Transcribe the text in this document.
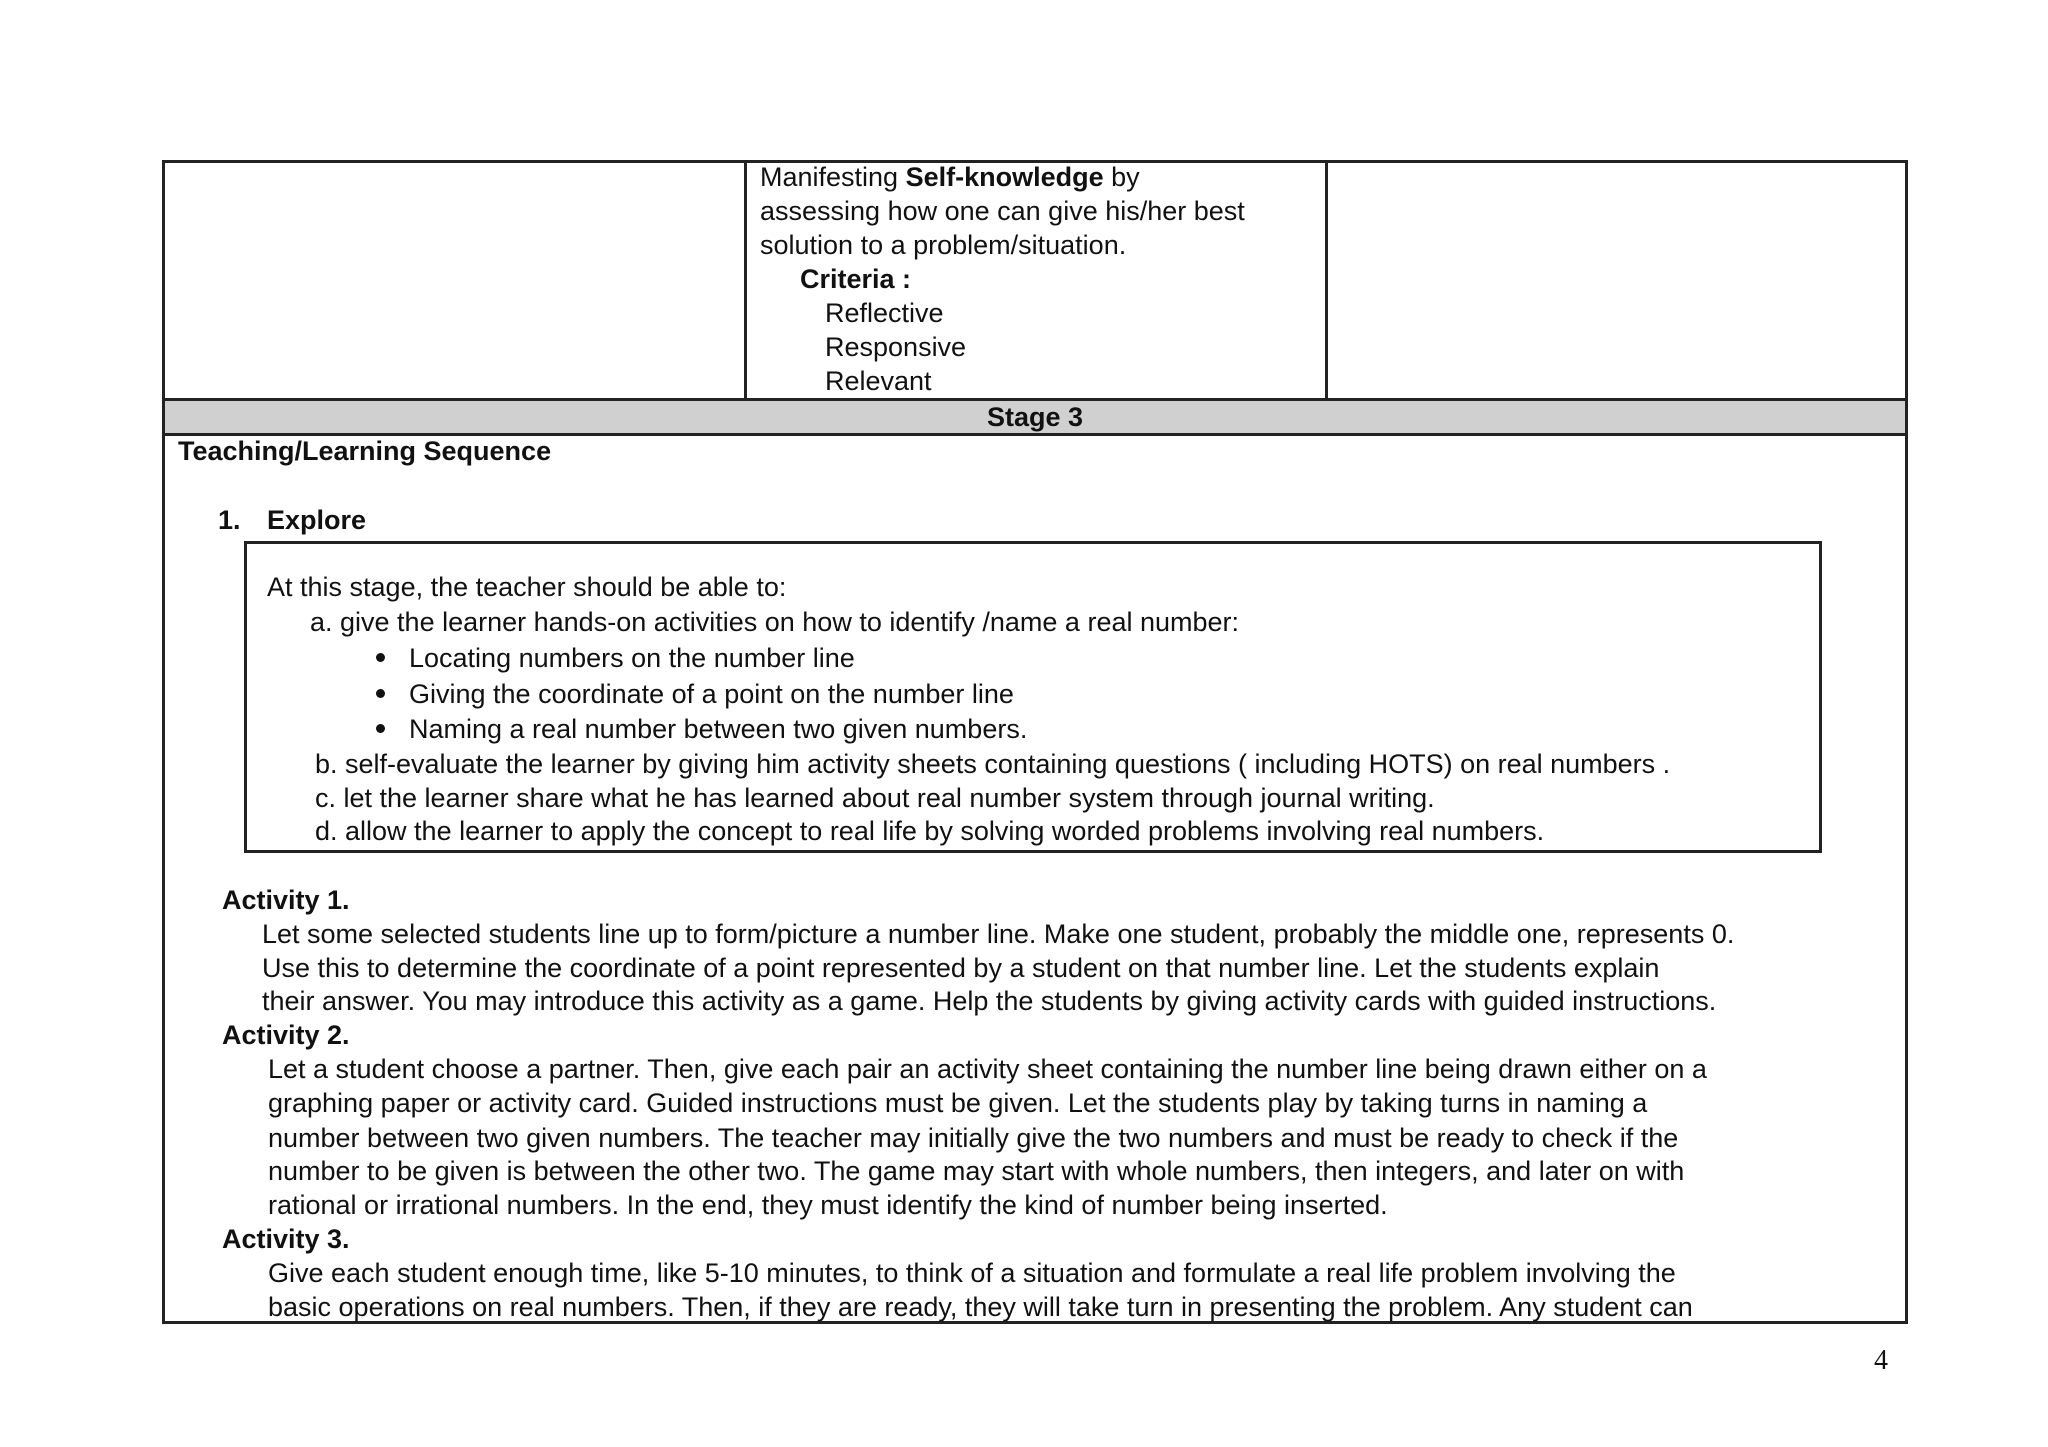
Stage 3
Manifesting Self-knowledge by
assessing how one can give his/her best
solution to a problem/situation.
Criteria :
Reflective
Responsive
Relevant
Teaching/Learning Sequence
1. Explore
At this stage, the teacher should be able to:
a. give the learner hands-on activities on how to identify /name a real number:
Locating numbers on the number line
Giving the coordinate of a point on the number line
Naming a real number between two given numbers.
b. self-evaluate the learner by giving him activity sheets containing questions ( including HOTS) on real numbers .
c. let the learner share what he has learned about real number system through journal writing.
d. allow the learner to apply the concept to real life by solving worded problems involving real numbers.
Activity 1.
Let some selected students line up to form/picture a number line. Make one student, probably the middle one, represents 0.
Use this to determine the coordinate of a point represented by a student on that number line. Let the students explain
their answer. You may introduce this activity as a game. Help the students by giving activity cards with guided instructions.
Activity 2.
Let a student choose a partner. Then, give each pair an activity sheet containing the number line being drawn either on a
graphing paper or activity card. Guided instructions must be given. Let the students play by taking turns in naming a
number between two given numbers. The teacher may initially give the two numbers and must be ready to check if the
number to be given is between the other two. The game may start with whole numbers, then integers, and later on with
rational or irrational numbers. In the end, they must identify the kind of number being inserted.
Activity 3.
Give each student enough time, like 5-10 minutes, to think of a situation and formulate a real life problem involving the
basic operations on real numbers. Then, if they are ready, they will take turn in presenting the problem. Any student can
4
